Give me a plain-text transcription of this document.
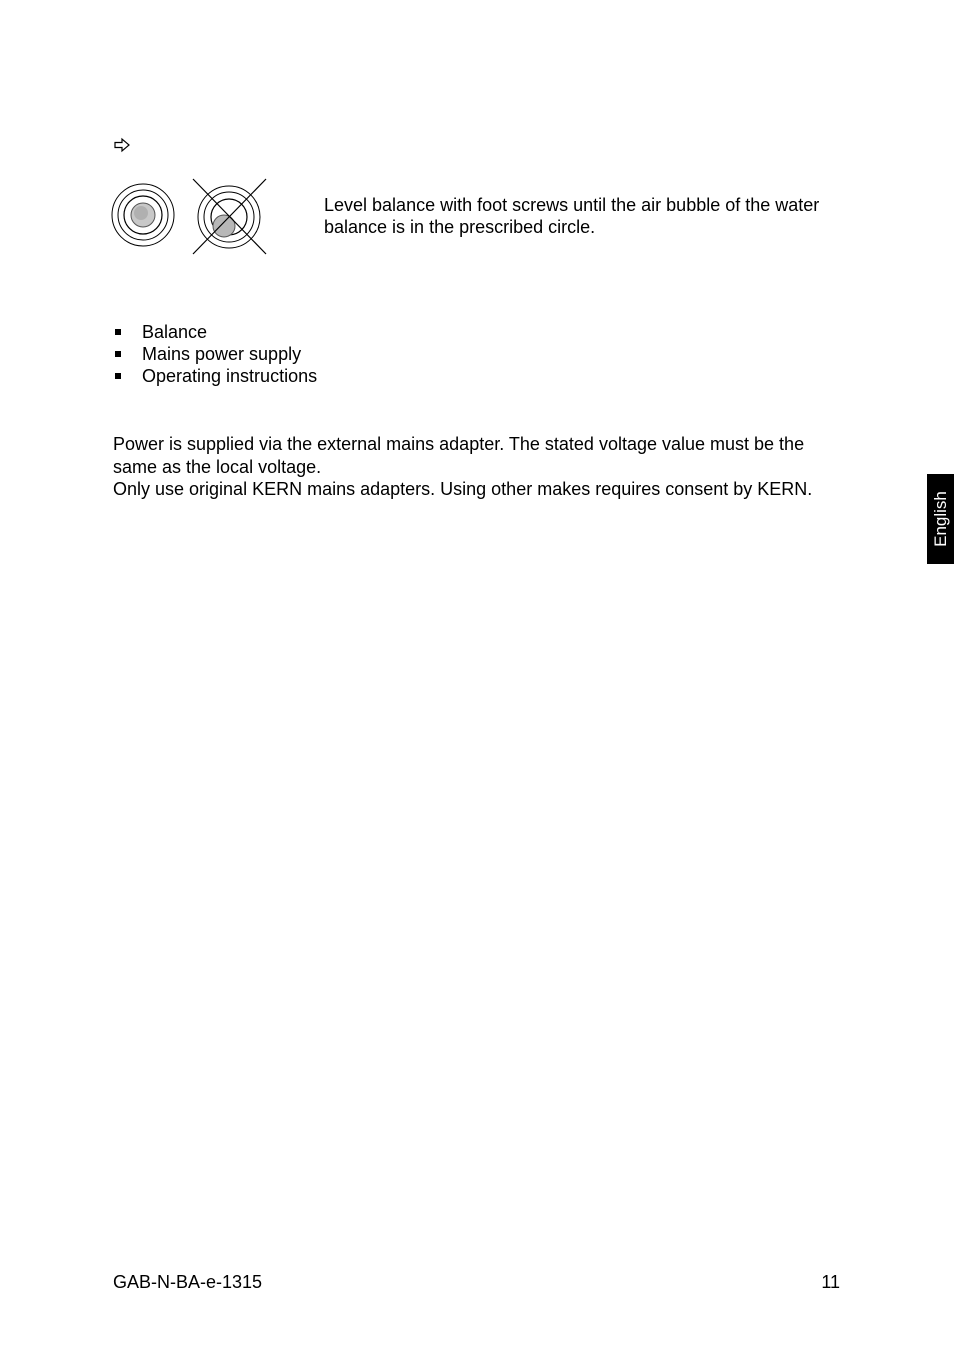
Level balance with foot screws until the air bubble of the water balance is in the prescribed circle.
Balance
Mains power supply
Operating instructions

Power is supplied via the external mains adapter. The stated voltage value must be the same as the local voltage.

Only use original KERN mains adapters. Using other makes requires consent by KERN.

English
GAB-N-BA-e-1315	11
